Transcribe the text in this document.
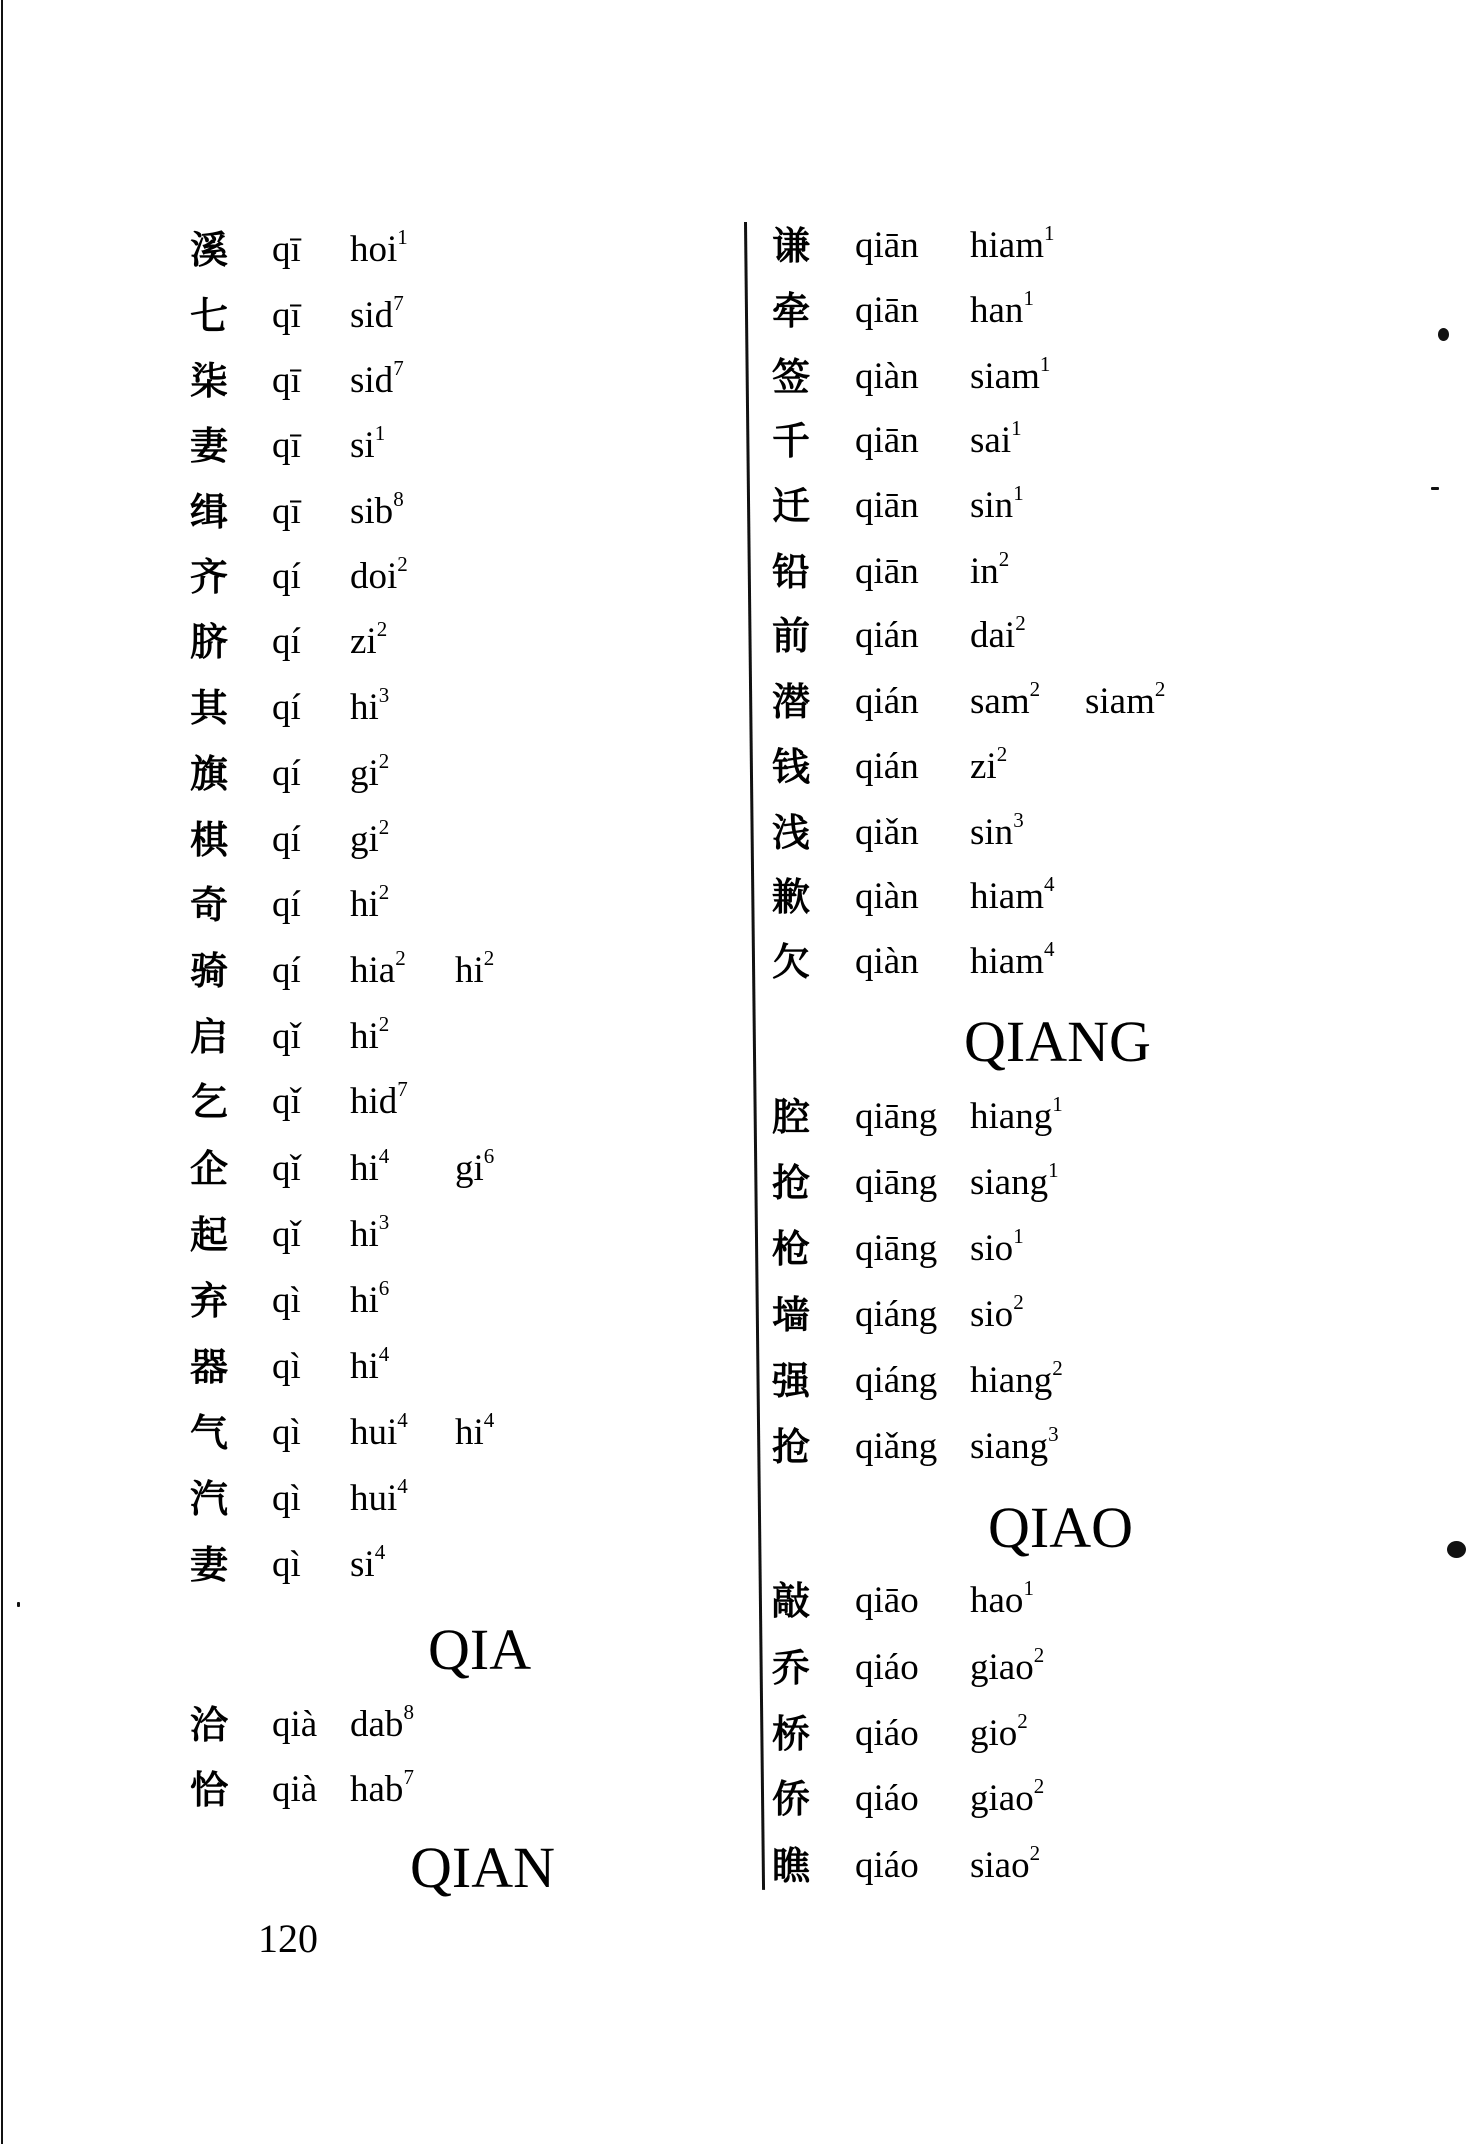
溪 qī hoi$^1$
七 qī sid$^7$
柒 qī sid$^7$
妻 qī $si^1$
缉 qī sib$^8$
齐 qí doi$^2$
脐 qí $zi^2$
其 qí $hi^3$
旗 qí $gi^2$
棋 qí $gi^2$
奇 qí $hi^2$
骑 qí hia$^2$ $hi^2$
启 qǐ $hi^2$
乞 qǐ hid$^7$
企 qǐ $hi^4$ $gi^6$
起 qǐ $hi^3$
弃 qì $hi^6$
器 qì $hi^4$
气 qì hui$^4$ $hi^4$
汽 qì hui$^4$
妻 qì $si^4$
QIA
洽 qià dab$^8$
恰 qià hab$^7$
QIAN
谦 qiān hiam$^1$
牵 qiān han$^1$
签 qiàn siam$^1$
千 qiān sai$^1$
迁 qiān $\sin^1$
铅 qiān $in^2$
前 qián dai$^2$
潜 qián sam$^2$ siam$^2$
钱 qián $zi^2$
浅 qiǎn $\sin^3$
歉 qiàn hiam$^4$
欠 qiàn hiam$^4$
QIANG
腔 qiāng hiang$^1$
抢 qiāng siang$^1$
枪 qiāng sio$^1$
墙 qiáng sio$^2$
强 qiáng hiang$^2$
抢 qiǎng siang$^3$
QIAO
敲 qiāo hao$^1$
乔 qiáo giao$^2$
桥 qiáo gio$^2$
侨 qiáo giao$^2$
瞧 qiáo siao$^2$
120
